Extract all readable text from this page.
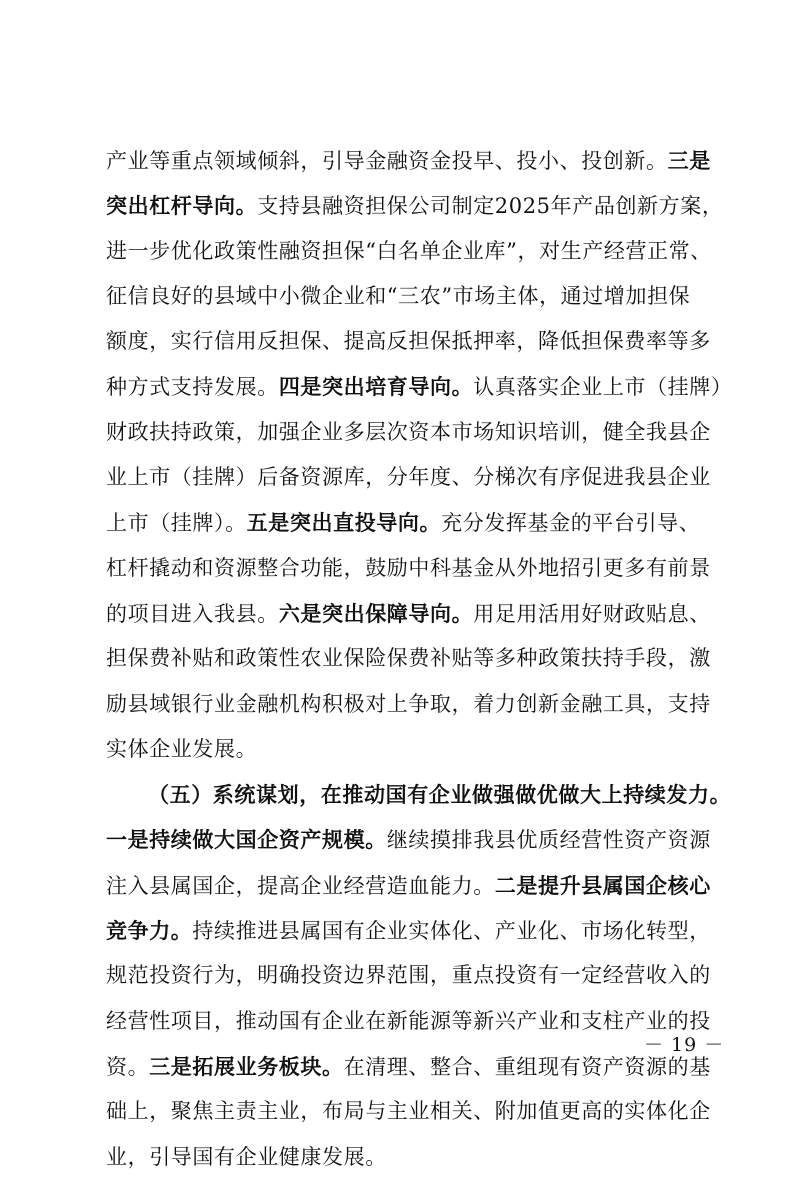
产业等重点领域倾斜，引导金融资金投早、投小、投创新。三是
突出杠杆导向。支持县融资担保公司制定2025年产品创新方案，
进一步优化政策性融资担保“白名单企业库”，对生产经营正常、
征信良好的县域中小微企业和“三农”市场主体，通过增加担保
额度，实行信用反担保、提高反担保抵押率，降低担保费率等多
种方式支持发展。四是突出培育导向。认真落实企业上市（挂牌）
财政扶持政策，加强企业多层次资本市场知识培训，健全我县企
业上市（挂牌）后备资源库，分年度、分梯次有序促进我县企业
上市（挂牌）。五是突出直投导向。充分发挥基金的平台引导、
杠杆撬动和资源整合功能，鼓励中科基金从外地招引更多有前景
的项目进入我县。六是突出保障导向。用足用活用好财政贴息、
担保费补贴和政策性农业保险保费补贴等多种政策扶持手段，激
励县域银行业金融机构积极对上争取，着力创新金融工具，支持
实体企业发展。
（五）系统谋划，在推动国有企业做强做优做大上持续发力。
一是持续做大国企资产规模。继续摸排我县优质经营性资产资源
注入县属国企，提高企业经营造血能力。二是提升县属国企核心
竞争力。持续推进县属国有企业实体化、产业化、市场化转型，
规范投资行为，明确投资边界范围，重点投资有一定经营收入的
经营性项目，推动国有企业在新能源等新兴产业和支柱产业的投
资。三是拓展业务板块。在清理、整合、重组现有资产资源的基
础上，聚焦主责主业，布局与主业相关、附加值更高的实体化企
业，引导国有企业健康发展。
－ 19 －
